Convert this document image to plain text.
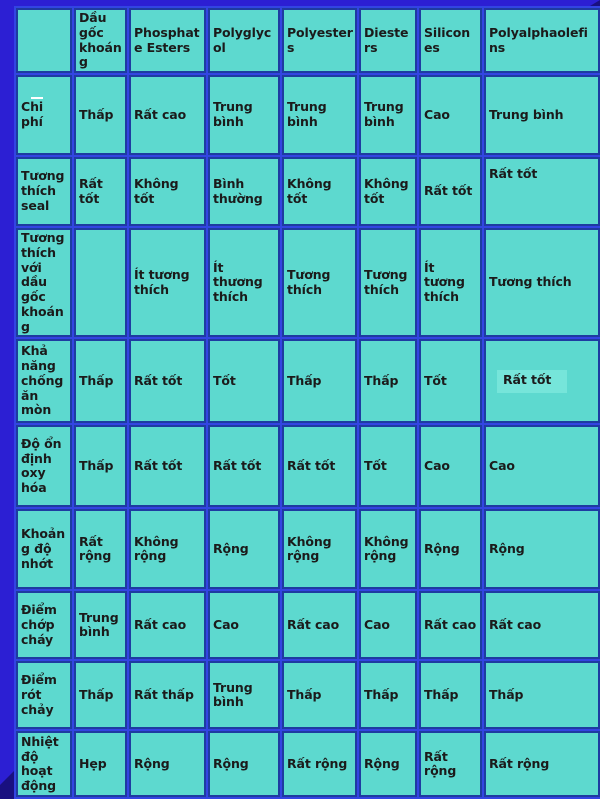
	Dầu gốc khoáng	Phosphate Esters	Polyglycol	Polyesters	Diesters	Silicones	Polyalphaolefins
Chi phí	Thấp	Rất cao	Trung bình	Trung bình	Trung bình	Cao	Trung bình
Tương thích seal	Rất tốt	Không tốt	Bình thường	Không tốt	Không tốt	Rất tốt	Rất tốt
Tương thích với dầu gốc khoáng		Ít tương thích	Ít thương thích	Tương thích	Tương thích	Ít tương thích	Tương thích
Khả năng chống ăn mòn	Thấp	Rất tốt	Tốt	Thấp	Thấp	Tốt	Rất tốt
Độ ổn định oxy hóa	Thấp	Rất tốt	Rất tốt	Rất tốt	Tốt	Cao	Cao
Khoảng độ nhớt	Rất rộng	Không rộng	Rộng	Không rộng	Không rộng	Rộng	Rộng
Điểm chớp cháy	Trung bình	Rất cao	Cao	Rất cao	Cao	Rất cao	Rất cao
Điểm rót chảy	Thấp	Rất thấp	Trung bình	Thấp	Thấp	Thấp	Thấp
Nhiệt độ hoạt động	Hẹp	Rộng	Rộng	Rất rộng	Rộng	Rất rộng	Rất rộng
